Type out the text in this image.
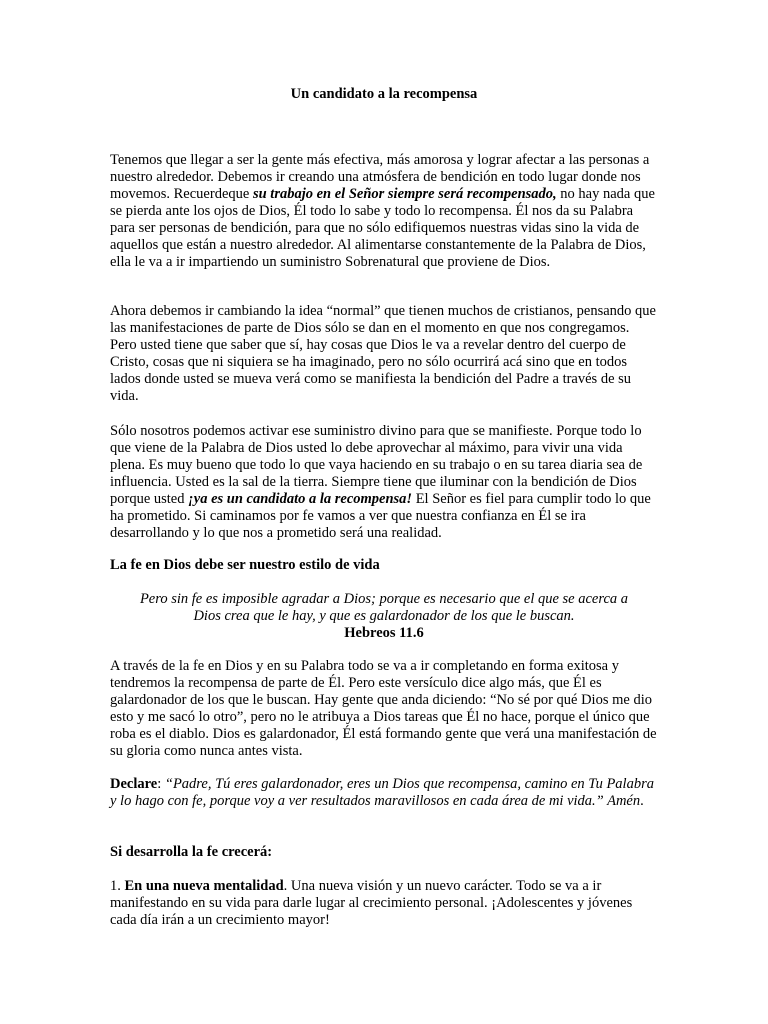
Un candidato a la recompensa

Tenemos que llegar a ser la gente más efectiva, más amorosa y lograr afectar a las personas a nuestro alrededor. Debemos ir creando una atmósfera de bendición en todo lugar donde nos movemos. Recuerdeque su trabajo en el Señor siempre será recompensado, no hay nada que se pierda ante los ojos de Dios, Él todo lo sabe y todo lo recompensa. Él nos da su Palabra para ser personas de bendición, para que no sólo edifiquemos nuestras vidas sino la vida de aquellos que están a nuestro alrededor. Al alimentarse constantemente de la Palabra de Dios, ella le va a ir impartiendo un suministro Sobrenatural que proviene de Dios.

Ahora debemos ir cambiando la idea “normal” que tienen muchos de cristianos, pensando que las manifestaciones de parte de Dios sólo se dan en el momento en que nos congregamos. Pero usted tiene que saber que sí, hay cosas que Dios le va a revelar dentro del cuerpo de Cristo, cosas que ni siquiera se ha imaginado, pero no sólo ocurrirá acá sino que en todos lados donde usted se mueva verá como se manifiesta la bendición del Padre a través de su vida.

Sólo nosotros podemos activar ese suministro divino para que se manifieste. Porque todo lo que viene de la Palabra de Dios usted lo debe aprovechar al máximo, para vivir una vida plena. Es muy bueno que todo lo que vaya haciendo en su trabajo o en su tarea diaria sea de influencia. Usted es la sal de la tierra. Siempre tiene que iluminar con la bendición de Dios porque usted ¡ya es un candidato a la recompensa! El Señor es fiel para cumplir todo lo que ha prometido. Si caminamos por fe vamos a ver que nuestra confianza en Él se ira desarrollando y lo que nos a prometido será una realidad.

La fe en Dios debe ser nuestro estilo de vida

Pero sin fe es imposible agradar a Dios; porque es necesario que el que se acerca a
Dios crea que le hay, y que es galardonador de los que le buscan.
Hebreos 11.6

A través de la fe en Dios y en su Palabra todo se va a ir completando en forma exitosa y tendremos la recompensa de parte de Él. Pero este versículo dice algo más, que Él es galardonador de los que le buscan. Hay gente que anda diciendo: “No sé por qué Dios me dio esto y me sacó lo otro”, pero no le atribuya a Dios tareas que Él no hace, porque el único que roba es el diablo. Dios es galardonador, Él está formando gente que verá una manifestación de su gloria como nunca antes vista.

Declare: “Padre, Tú eres galardonador, eres un Dios que recompensa, camino en Tu Palabra y lo hago con fe, porque voy a ver resultados maravillosos en cada área de mi vida.” Amén.

Si desarrolla la fe crecerá:

1. En una nueva mentalidad. Una nueva visión y un nuevo carácter. Todo se va a ir manifestando en su vida para darle lugar al crecimiento personal. ¡Adolescentes y jóvenes cada día irán a un crecimiento mayor!
